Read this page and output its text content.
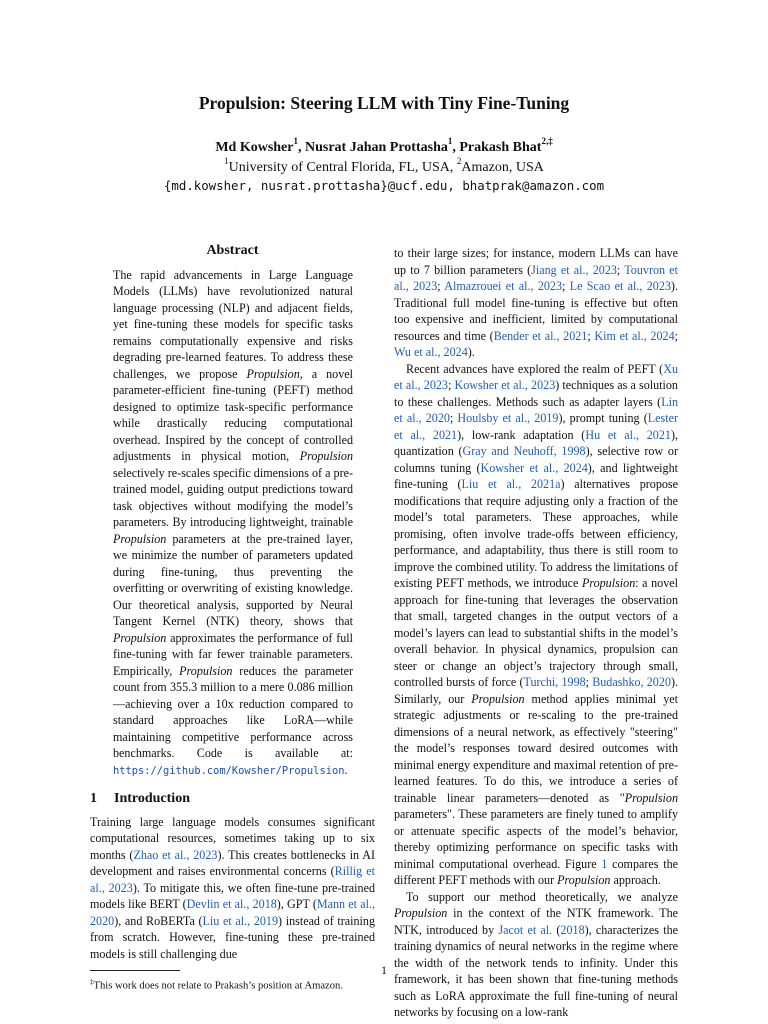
Propulsion: Steering LLM with Tiny Fine-Tuning
Md Kowsher$^1$, Nusrat Jahan Prottasha$^1$, Prakash Bhat$^{2,\ddagger}$
$^1$University of Central Florida, FL, USA, $^2$Amazon, USA
{md.kowsher, nusrat.prottasha}@ucf.edu, bhatprak@amazon.com
Abstract

The rapid advancements in Large Language Models (LLMs) have revolutionized natural language processing (NLP) and adjacent fields, yet fine-tuning these models for specific tasks remains computationally expensive and risks degrading pre-learned features. To address these challenges, we propose Propulsion, a novel parameter-efficient fine-tuning (PEFT) method designed to optimize task-specific performance while drastically reducing computational overhead. Inspired by the concept of controlled adjustments in physical motion, Propulsion selectively re-scales specific dimensions of a pre-trained model, guiding output predictions toward task objectives without modifying the model’s parameters. By introducing lightweight, trainable Propulsion parameters at the pre-trained layer, we minimize the number of parameters updated during fine-tuning, thus preventing the overfitting or overwriting of existing knowledge. Our theoretical analysis, supported by Neural Tangent Kernel (NTK) theory, shows that Propulsion approximates the performance of full fine-tuning with far fewer trainable parameters. Empirically, Propulsion reduces the parameter count from 355.3 million to a mere 0.086 million—achieving over a 10x reduction compared to standard approaches like LoRA—while maintaining competitive performance across benchmarks. Code is available at: https://github.com/Kowsher/Propulsion.

1 Introduction

Training large language models consumes significant computational resources, sometimes taking up to six months (Zhao et al., 2023). This creates bottlenecks in AI development and raises environmental concerns (Rillig et al., 2023). To mitigate this, we often fine-tune pre-trained models like BERT (Devlin et al., 2018), GPT (Mann et al., 2020), and RoBERTa (Liu et al., 2019) instead of training from scratch. However, fine-tuning these pre-trained models is still challenging due

‡This work does not relate to Prakash’s position at Amazon.

to their large sizes; for instance, modern LLMs can have up to 7 billion parameters (Jiang et al., 2023; Touvron et al., 2023; Almazrouei et al., 2023; Le Scao et al., 2023). Traditional full model fine-tuning is effective but often too expensive and inefficient, limited by computational resources and time (Bender et al., 2021; Kim et al., 2024; Wu et al., 2024).

Recent advances have explored the realm of PEFT (Xu et al., 2023; Kowsher et al., 2023) techniques as a solution to these challenges. Methods such as adapter layers (Lin et al., 2020; Houlsby et al., 2019), prompt tuning (Lester et al., 2021), low-rank adaptation (Hu et al., 2021), quantization (Gray and Neuhoff, 1998), selective row or columns tuning (Kowsher et al., 2024), and lightweight fine-tuning (Liu et al., 2021a) alternatives propose modifications that require adjusting only a fraction of the model’s total parameters. These approaches, while promising, often involve trade-offs between efficiency, performance, and adaptability, thus there is still room to improve the combined utility. To address the limitations of existing PEFT methods, we introduce Propulsion: a novel approach for fine-tuning that leverages the observation that small, targeted changes in the output vectors of a model’s layers can lead to substantial shifts in the model’s overall behavior. In physical dynamics, propulsion can steer or change an object’s trajectory through small, controlled bursts of force (Turchi, 1998; Budashko, 2020). Similarly, our Propulsion method applies minimal yet strategic adjustments or re-scaling to the pre-trained dimensions of a neural network, as effectively "steering" the model’s responses toward desired outcomes with minimal energy expenditure and maximal retention of pre-learned features. To do this, we introduce a series of trainable linear parameters—denoted as "Propulsion parameters". These parameters are finely tuned to amplify or attenuate specific aspects of the model’s behavior, thereby optimizing performance on specific tasks with minimal computational overhead. Figure 1 compares the different PEFT methods with our Propulsion approach.

To support our method theoretically, we analyze Propulsion in the context of the NTK framework. The NTK, introduced by Jacot et al. (2018), characterizes the training dynamics of neural networks in the regime where the width of the network tends to infinity. Under this framework, it has been shown that fine-tuning methods such as LoRA approximate the full fine-tuning of neural networks by focusing on a low-rank

1
